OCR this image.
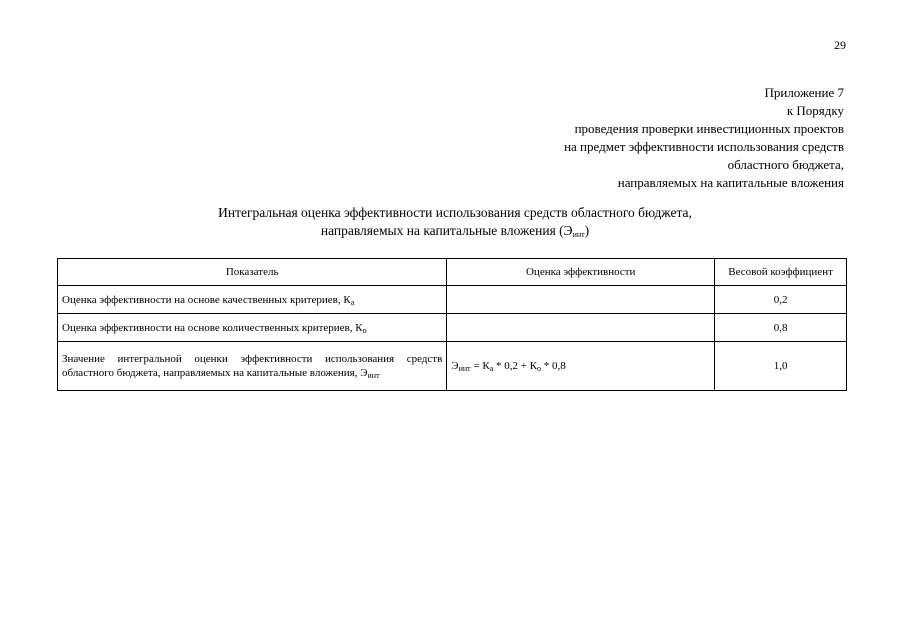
29
Приложение 7
к Порядку
проведения проверки инвестиционных проектов
на предмет эффективности использования средств
областного бюджета,
направляемых на капитальные вложения
Интегральная оценка эффективности использования средств областного бюджета,
направляемых на капитальные вложения $(Э_{инт})$
Показатель	Оценка эффективности	Весовой коэффициент
Оценка эффективности на основе качественных критериев, $К_а$		0,2
Оценка эффективности на основе количественных критериев, $К_о$		0,8
Значение интегральной оценки эффективности использования средств областного бюджета, направляемых на капитальные вложения, $Э_{инт}$	$Э_{инт} = К_а * 0,2 + К_о * 0,8$	1,0
